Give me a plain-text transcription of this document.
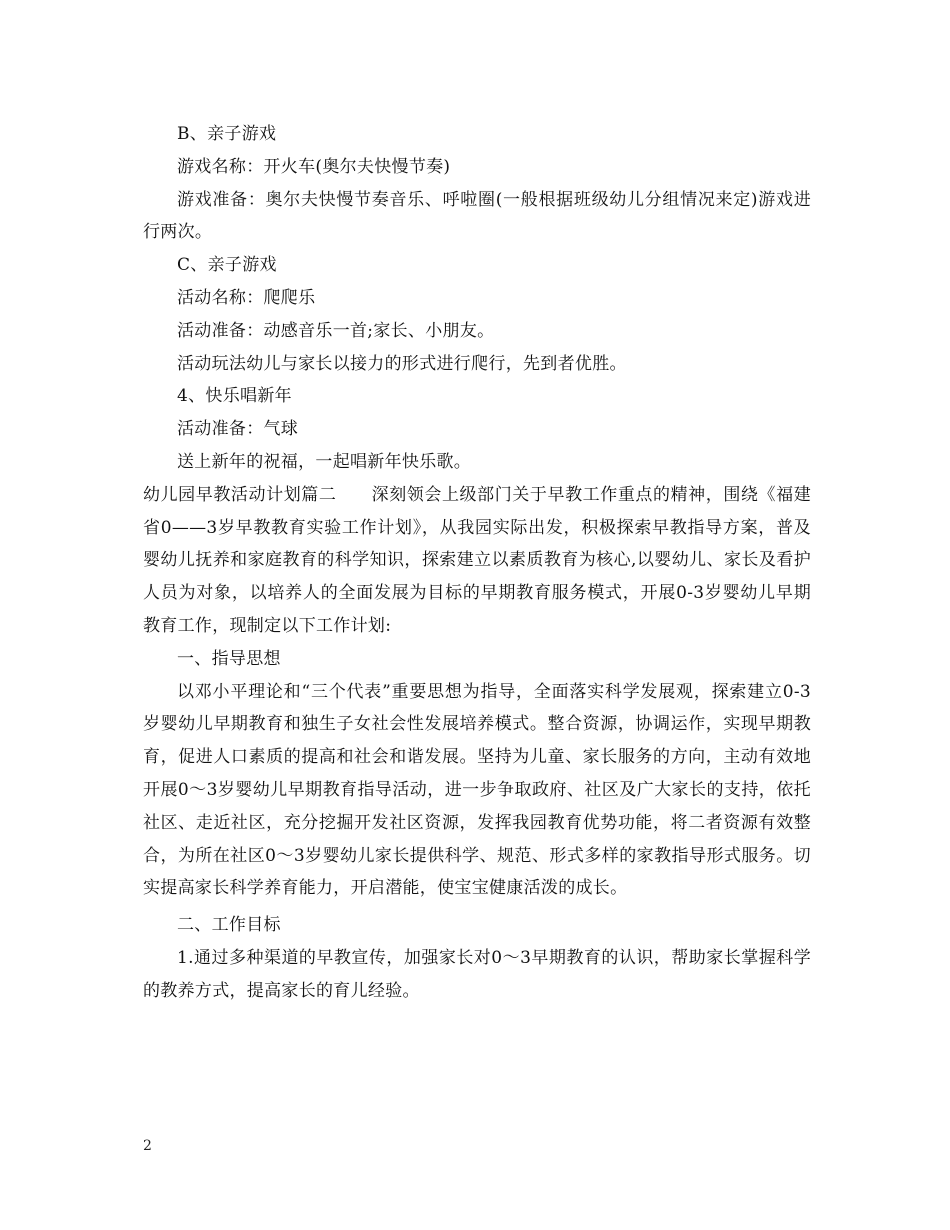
B、亲子游戏

游戏名称：开火车(奥尔夫快慢节奏)

游戏准备：奥尔夫快慢节奏音乐、呼啦圈(一般根据班级幼儿分组情况来定)游戏进行两次。

C、亲子游戏

活动名称：爬爬乐

活动准备：动感音乐一首;家长、小朋友。

活动玩法幼儿与家长以接力的形式进行爬行，先到者优胜。

4、快乐唱新年

活动准备：气球

送上新年的祝福，一起唱新年快乐歌。

幼儿园早教活动计划篇二　　深刻领会上级部门关于早教工作重点的精神，围绕《福建省0——3岁早教教育实验工作计划》，从我园实际出发，积极探索早教指导方案，普及婴幼儿抚养和家庭教育的科学知识，探索建立以素质教育为核心,以婴幼儿、家长及看护人员为对象，以培养人的全面发展为目标的早期教育服务模式，开展0-3岁婴幼儿早期教育工作，现制定以下工作计划:

一、指导思想

以邓小平理论和“三个代表”重要思想为指导，全面落实科学发展观，探索建立0-3岁婴幼儿早期教育和独生子女社会性发展培养模式。整合资源，协调运作，实现早期教育，促进人口素质的提高和社会和谐发展。坚持为儿童、家长服务的方向，主动有效地开展0～3岁婴幼儿早期教育指导活动，进一步争取政府、社区及广大家长的支持，依托社区、走近社区，充分挖掘开发社区资源，发挥我园教育优势功能，将二者资源有效整合，为所在社区0～3岁婴幼儿家长提供科学、规范、形式多样的家教指导形式服务。切实提高家长科学养育能力，开启潜能，使宝宝健康活泼的成长。

二、工作目标

1.通过多种渠道的早教宣传，加强家长对0～3早期教育的认识，帮助家长掌握科学的教养方式，提高家长的育儿经验。

2
